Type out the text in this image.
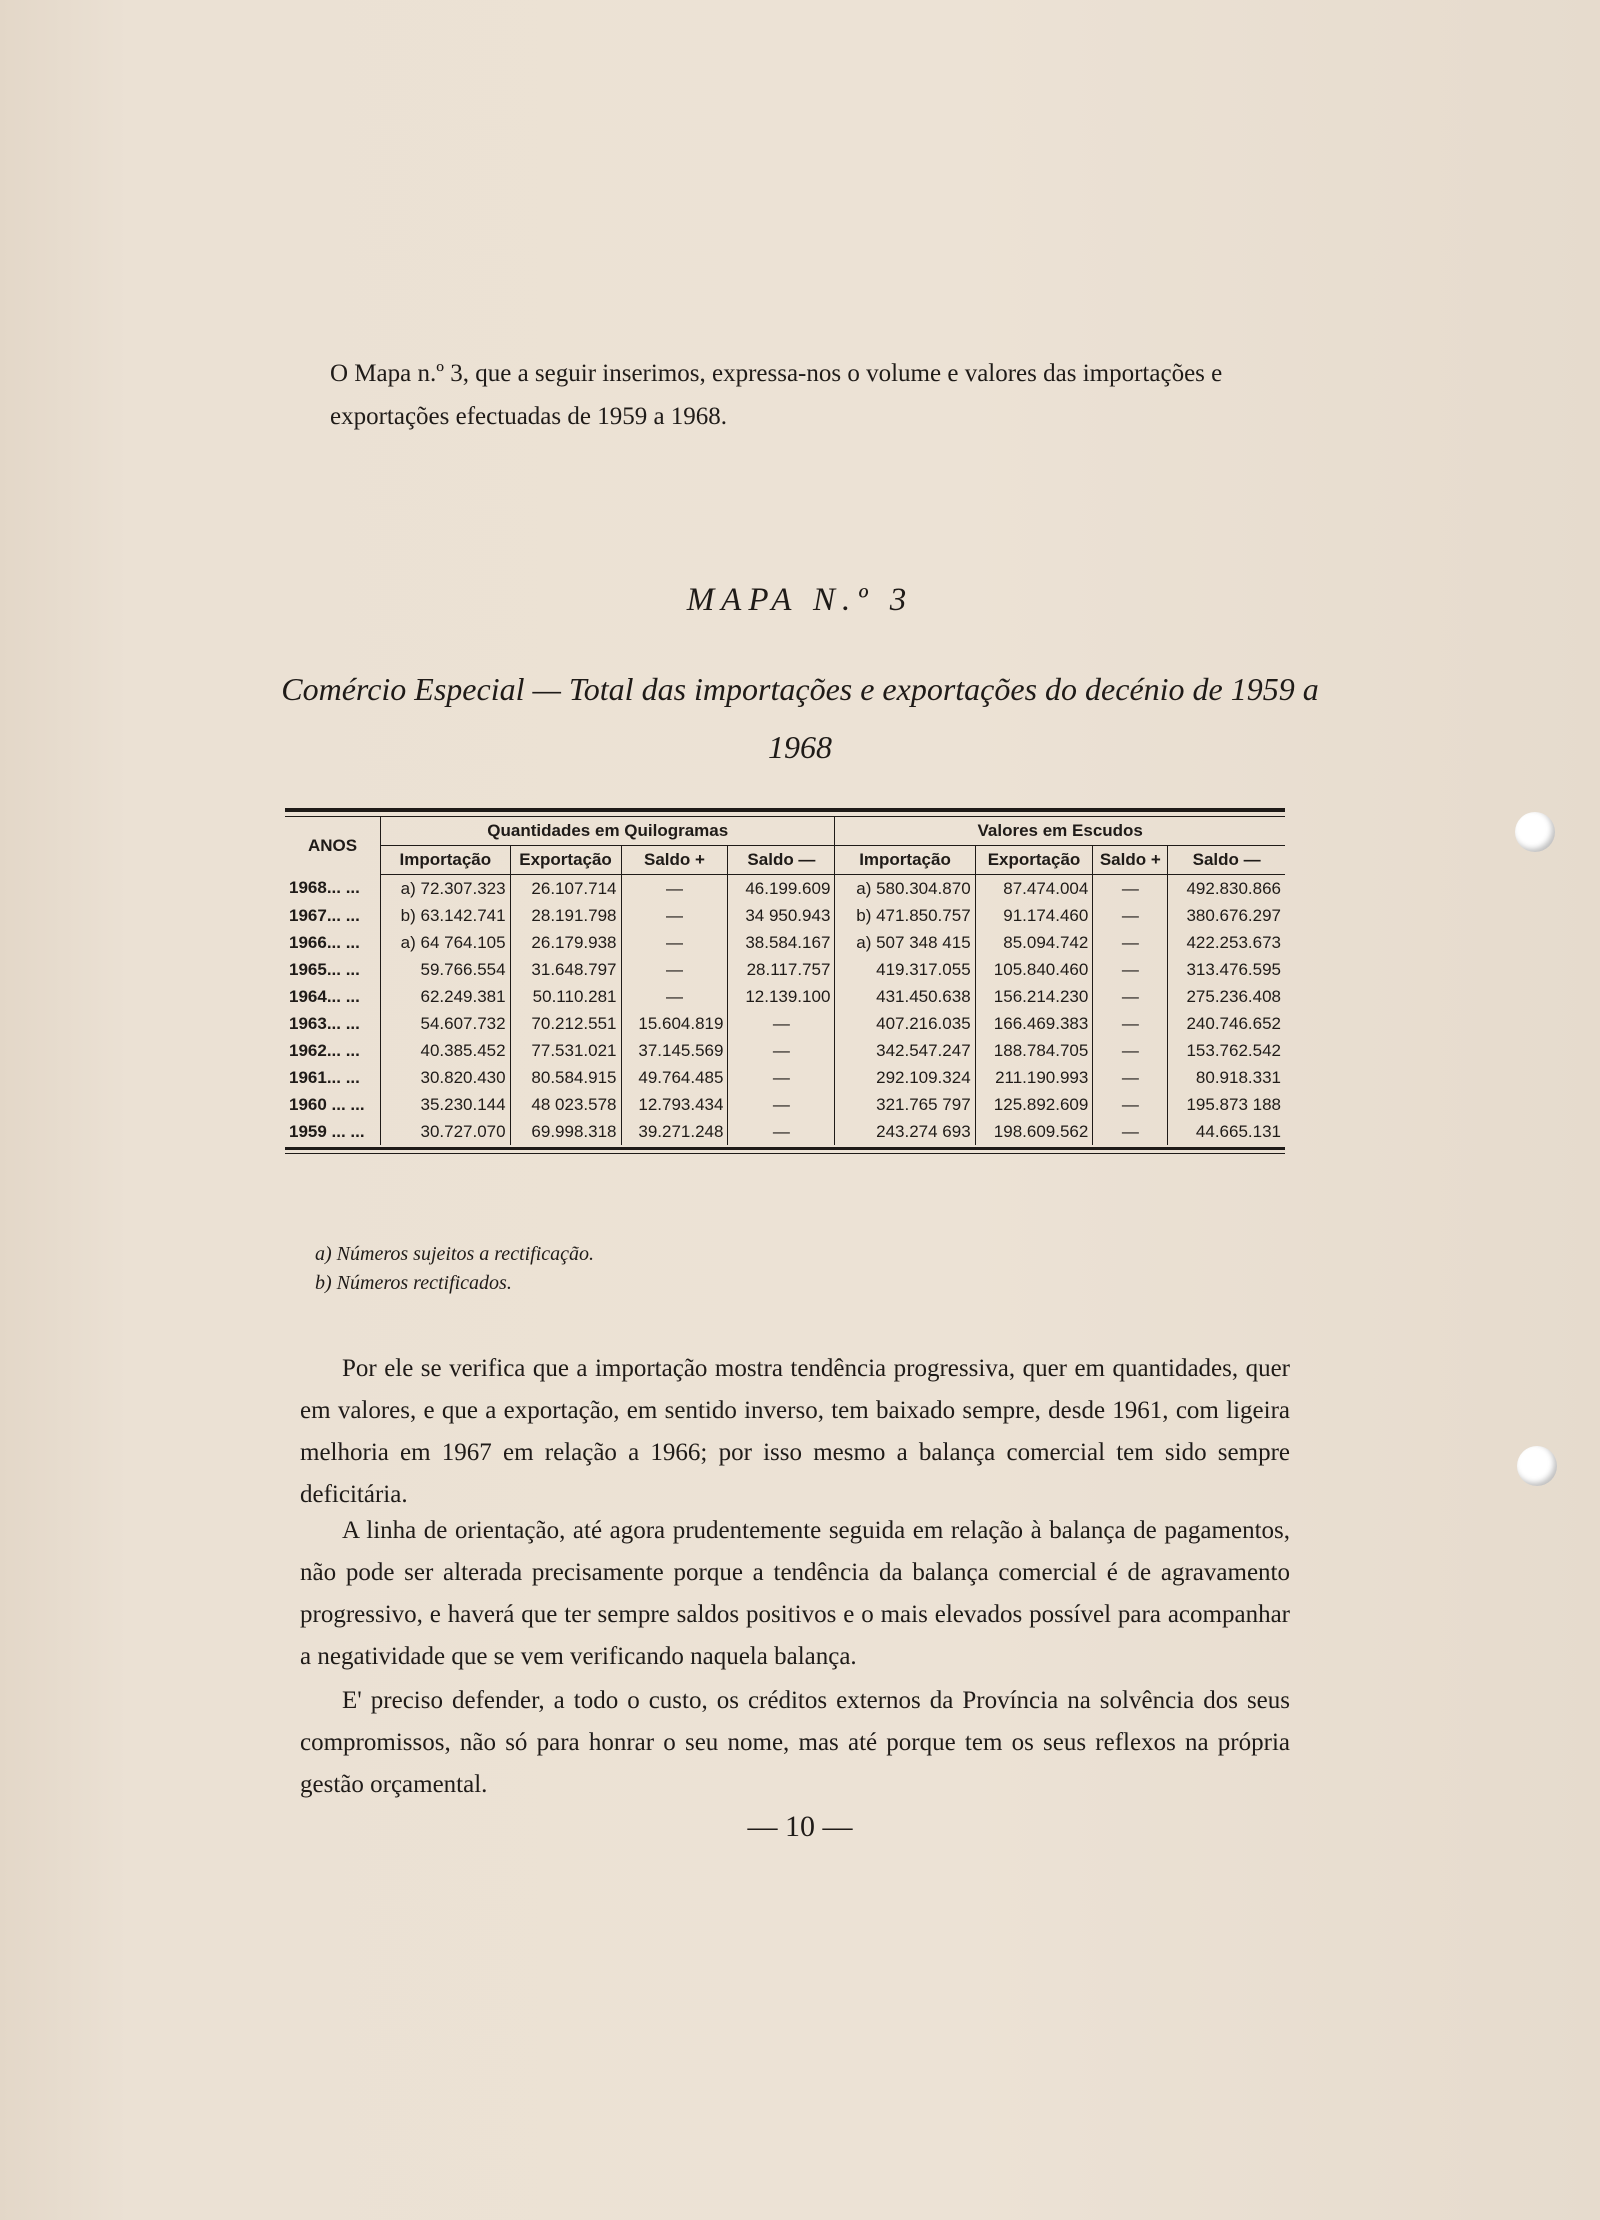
O Mapa n.º 3, que a seguir inserimos, expressa-nos o volume e valores das importações e exportações efectuadas de 1959 a 1968.
MAPA N.º 3
Comércio Especial — Total das importações e exportações do decénio de 1959 a 1968
ANOS	Quantidades em Quilogramas				Valores em Escudos			
	Importação	Exportação	Saldo +	Saldo —	Importação	Exportação	Saldo +	Saldo —
1968... ...	a) 72.307.323	26.107.714	—	46.199.609	a) 580.304.870	87.474.004	—	492.830.866
1967... ...	b) 63.142.741	28.191.798	—	34 950.943	b) 471.850.757	91.174.460	—	380.676.297
1966... ...	a) 64 764.105	26.179.938	—	38.584.167	a) 507 348 415	85.094.742	—	422.253.673
1965... ...	59.766.554	31.648.797	—	28.117.757	419.317.055	105.840.460	—	313.476.595
1964... ...	62.249.381	50.110.281	—	12.139.100	431.450.638	156.214.230	—	275.236.408
1963... ...	54.607.732	70.212.551	15.604.819	—	407.216.035	166.469.383	—	240.746.652
1962... ...	40.385.452	77.531.021	37.145.569	—	342.547.247	188.784.705	—	153.762.542
1961... ...	30.820.430	80.584.915	49.764.485	—	292.109.324	211.190.993	—	80.918.331
1960 ... ...	35.230.144	48 023.578	12.793.434	—	321.765 797	125.892.609	—	195.873 188
1959 ... ...	30.727.070	69.998.318	39.271.248	—	243.274 693	198.609.562	—	44.665.131
a) Números sujeitos a rectificação.
b) Números rectificados.
Por ele se verifica que a importação mostra tendência progressiva, quer em quantidades, quer em valores, e que a exportação, em sentido inverso, tem baixado sempre, desde 1961, com ligeira melhoria em 1967 em relação a 1966; por isso mesmo a balança comercial tem sido sempre deficitária.
A linha de orientação, até agora prudentemente seguida em relação à balança de pagamentos, não pode ser alterada precisamente porque a tendência da balança comercial é de agravamento progressivo, e haverá que ter sempre saldos positivos e o mais elevados possível para acompanhar a negatividade que se vem verificando naquela balança.
E' preciso defender, a todo o custo, os créditos externos da Província na solvência dos seus compromissos, não só para honrar o seu nome, mas até porque tem os seus reflexos na própria gestão orçamental.
— 10 —
